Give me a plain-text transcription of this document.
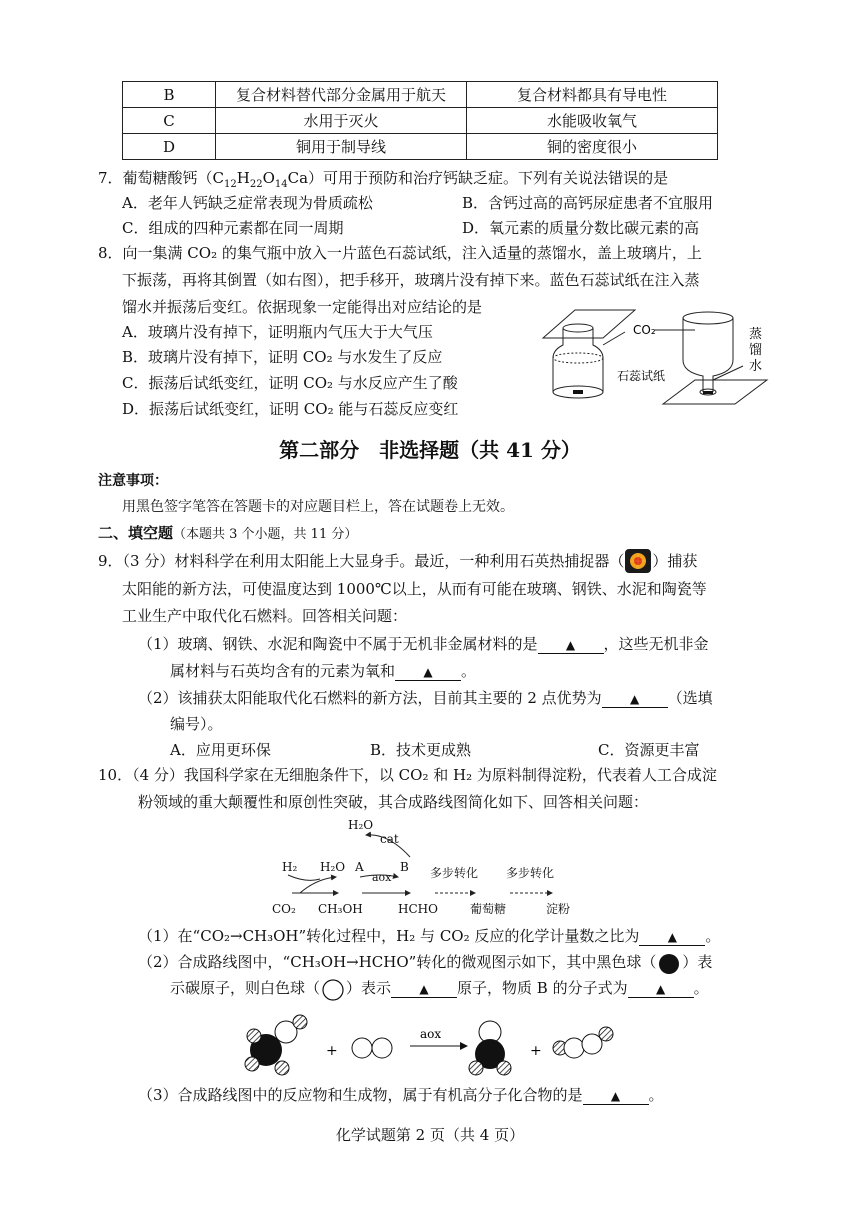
B	复合材料替代部分金属用于航天	复合材料都具有导电性
C	水用于灭火	水能吸收氧气
D	铜用于制导线	铜的密度很小
7．葡萄糖酸钙$(C_{12}H_{22}O_{14}Ca)$可用于预防和治疗钙缺乏症。下列有关说法错误的是
A．老年人钙缺乏症常表现为骨质疏松	B．含钙过高的高钙尿症患者不宜服用
C．组成的四种元素都在同一周期	D．氧元素的质量分数比碳元素的高
8．向一集满 CO₂ 的集气瓶中放入一片蓝色石蕊试纸，注入适量的蒸馏水，盖上玻璃片，上
下振荡，再将其倒置（如右图），把手移开，玻璃片没有掉下来。蓝色石蕊试纸在注入蒸
馏水并振荡后变红。依据现象一定能得出对应结论的是
A．玻璃片没有掉下，证明瓶内气压大于大气压
B．玻璃片没有掉下，证明 CO₂ 与水发生了反应
C．振荡后试纸变红，证明 CO₂ 与水反应产生了酸
D．振荡后试纸变红，证明 CO₂ 能与石蕊反应变红
CO₂
石蕊试纸
蒸
馏
水
第二部分　非选择题（共 41 分）
注意事项：
用黑色签字笔答在答题卡的对应题目栏上，答在试题卷上无效。
二、填空题（本题共 3 个小题，共 11 分）
9．（3 分）材料科学在利用太阳能上大显身手。最近，一种利用石英热捕捉器（ ）捕获
太阳能的新方法，可使温度达到 1000℃以上，从而有可能在玻璃、钢铁、水泥和陶瓷等
工业生产中取代化石燃料。回答相关问题：
（1）玻璃、钢铁、水泥和陶瓷中不属于无机非金属材料的是 ▲ ，这些无机非金
属材料与石英均含有的元素为氧和 ▲ 。
（2）该捕获太阳能取代化石燃料的新方法，目前其主要的 2 点优势为 ▲ （选填
编号）。
A．应用更环保	B．技术更成熟	C．资源更丰富
10．（4 分）我国科学家在无细胞条件下，以 CO₂ 和 H₂ 为原料制得淀粉，代表着人工合成淀
粉领域的重大颠覆性和原创性突破，其合成路线图简化如下、回答相关问题：
H₂O
cat
H₂ H₂O A	B
aox	多步转化 多步转化
CO₂ CH₃OH	HCHO	葡萄糖	淀粉
（1）在“CO₂→CH₃OH”转化过程中，H₂ 与 CO₂ 反应的化学计量数之比为 ▲ 。
（2）合成路线图中，“CH₃OH→HCHO”转化的微观图示如下，其中黑色球（ ）表
示碳原子，则白色球（ ）表示 ▲ 原子，物质 B 的分子式为 ▲ 。
+
aox
+
（3）合成路线图中的反应物和生成物，属于有机高分子化合物的是 ▲ 。
化学试题第 2 页（共 4 页）
